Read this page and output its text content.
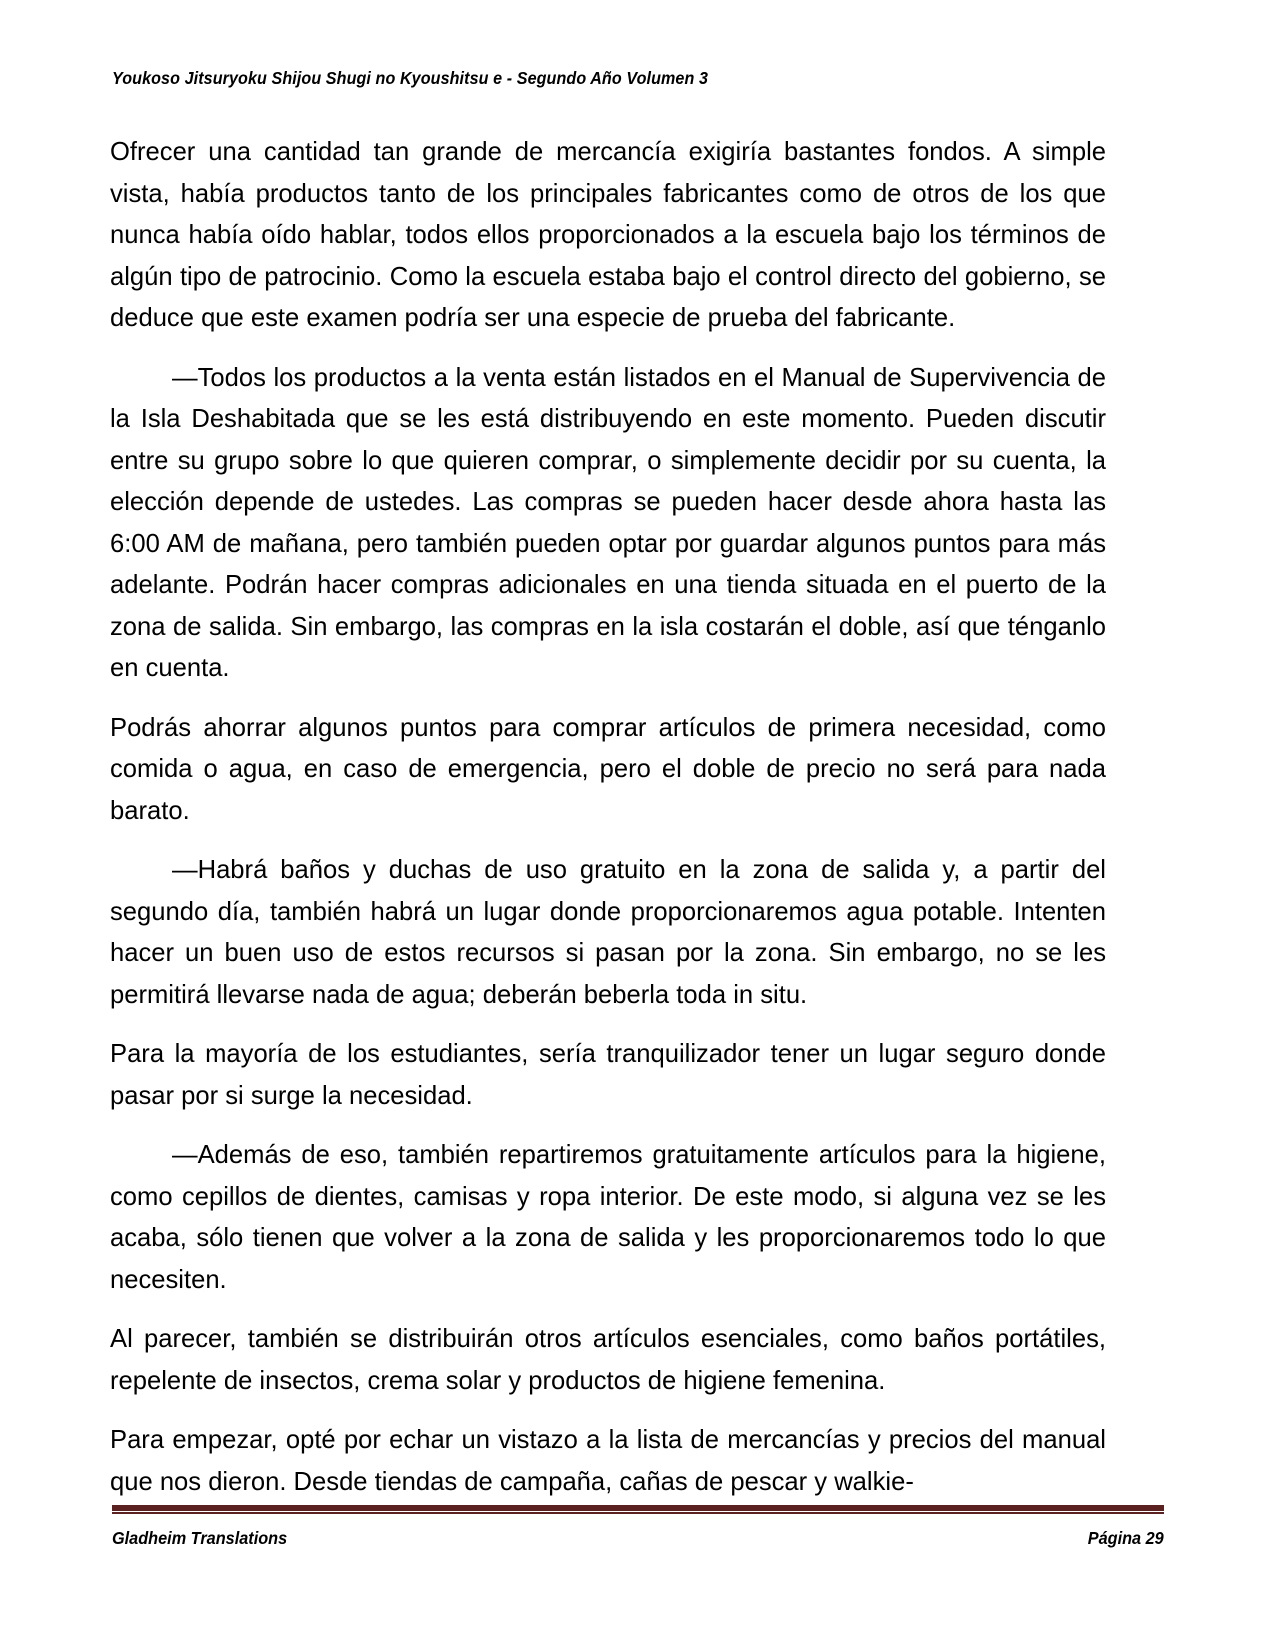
Youkoso Jitsuryoku Shijou Shugi no Kyoushitsu e - Segundo Año Volumen 3

Ofrecer una cantidad tan grande de mercancía exigiría bastantes fondos. A simple vista, había productos tanto de los principales fabricantes como de otros de los que nunca había oído hablar, todos ellos proporcionados a la escuela bajo los términos de algún tipo de patrocinio. Como la escuela estaba bajo el control directo del gobierno, se deduce que este examen podría ser una especie de prueba del fabricante.

—Todos los productos a la venta están listados en el Manual de Supervivencia de la Isla Deshabitada que se les está distribuyendo en este momento. Pueden discutir entre su grupo sobre lo que quieren comprar, o simplemente decidir por su cuenta, la elección depende de ustedes. Las compras se pueden hacer desde ahora hasta las 6:00 AM de mañana, pero también pueden optar por guardar algunos puntos para más adelante. Podrán hacer compras adicionales en una tienda situada en el puerto de la zona de salida. Sin embargo, las compras en la isla costarán el doble, así que ténganlo en cuenta.

Podrás ahorrar algunos puntos para comprar artículos de primera necesidad, como comida o agua, en caso de emergencia, pero el doble de precio no será para nada barato.

—Habrá baños y duchas de uso gratuito en la zona de salida y, a partir del segundo día, también habrá un lugar donde proporcionaremos agua potable. Intenten hacer un buen uso de estos recursos si pasan por la zona. Sin embargo, no se les permitirá llevarse nada de agua; deberán beberla toda in situ.

Para la mayoría de los estudiantes, sería tranquilizador tener un lugar seguro donde pasar por si surge la necesidad.

—Además de eso, también repartiremos gratuitamente artículos para la higiene, como cepillos de dientes, camisas y ropa interior. De este modo, si alguna vez se les acaba, sólo tienen que volver a la zona de salida y les proporcionaremos todo lo que necesiten.

Al parecer, también se distribuirán otros artículos esenciales, como baños portátiles, repelente de insectos, crema solar y productos de higiene femenina.

Para empezar, opté por echar un vistazo a la lista de mercancías y precios del manual que nos dieron. Desde tiendas de campaña, cañas de pescar y walkie-

Gladheim Translations	Página 29
